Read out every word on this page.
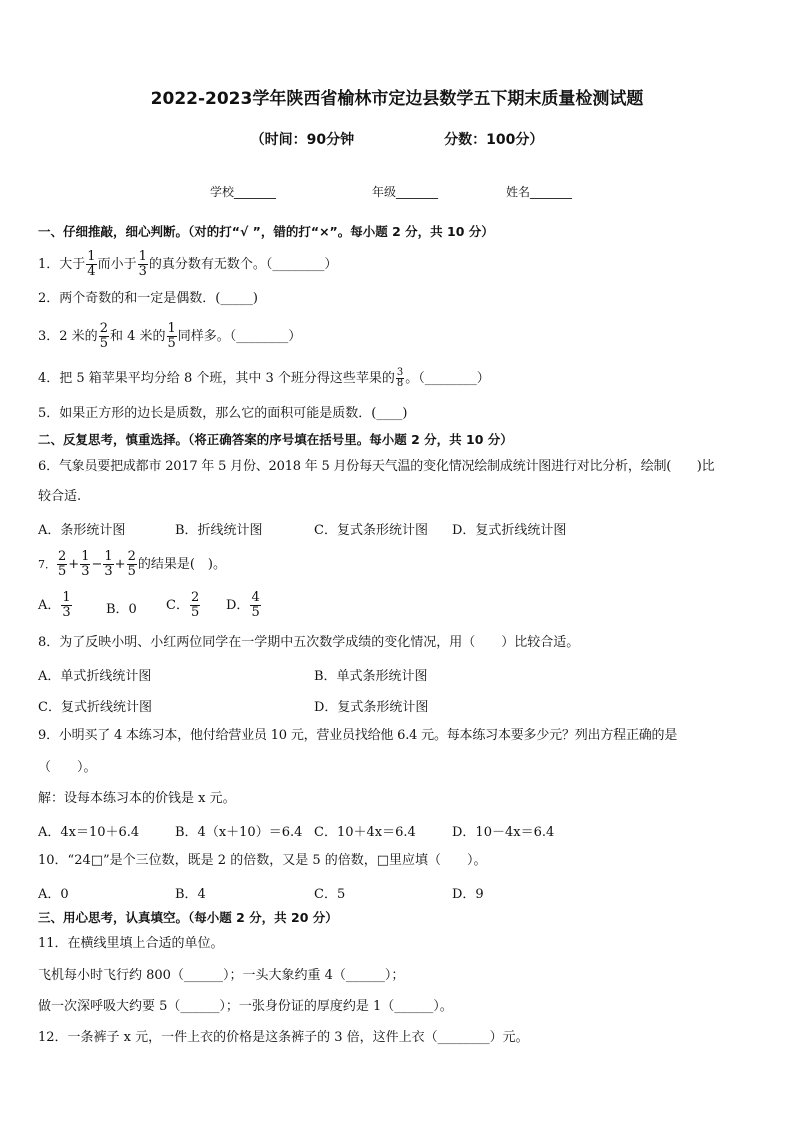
2022-2023学年陕西省榆林市定边县数学五下期末质量检测试题
（时间：90分钟	分数：100分）
学校_______	年级_______	姓名_______
一、仔细推敲，细心判断。（对的打“√ ”，错的打“×”。每小题 2 分，共 10 分）
1．大于 $\frac{1}{4}$ 而小于 $\frac{1}{3}$ 的真分数有无数个。（________）
2．两个奇数的和一定是偶数．(_____)
3．2 米的 $\frac{2}{5}$ 和 4 米的 $\frac{1}{5}$ 同样多。（________）
4．把 5 箱苹果平均分给 8 个班，其中 3 个班分得这些苹果的 $\frac{3}{8}$ 。（________）
5．如果正方形的边长是质数，那么它的面积可能是质数．(____)
二、反复思考，慎重选择。（将正确答案的序号填在括号里。每小题 2 分，共 10 分）
6．气象员要把成都市 2017 年 5 月份、2018 年 5 月份每天气温的变化情况绘制成统计图进行对比分析，绘制(　　)比
较合适.
A．条形统计图	B．折线统计图	C．复式条形统计图 D．复式折线统计图
7． $\frac{2}{5} + \frac{1}{3} - \frac{1}{3} + \frac{2}{5}$ 的结果是(　)。
A． $\frac{1}{3}$	B．0 C． $\frac{2}{5}$ D． $\frac{4}{5}$
8．为了反映小明、小红两位同学在一学期中五次数学成绩的变化情况，用（　　）比较合适。
A．单式折线统计图	B．单式条形统计图
C．复式折线统计图	D．复式条形统计图
9．小明买了 4 本练习本，他付给营业员 10 元，营业员找给他 6.4 元。每本练习本要多少元？列出方程正确的是
（　　）。
解：设每本练习本的价钱是 x 元。
A．4x＝10＋6.4	B．4（x＋10）＝6.4 C．10＋4x＝6.4	D．10－4x＝6.4
10．“24□”是个三位数，既是 2 的倍数，又是 5 的倍数，□里应填（　　）。
A．0	B．4	C．5	D．9
三、用心思考，认真填空。（每小题 2 分，共 20 分）
11．在横线里填上合适的单位。
飞机每小时飞行约 800（______）；一头大象约重 4（______）；
做一次深呼吸大约要 5（______）；一张身份证的厚度约是 1（______）。
12．一条裤子 x 元，一件上衣的价格是这条裤子的 3 倍，这件上衣（________）元。
